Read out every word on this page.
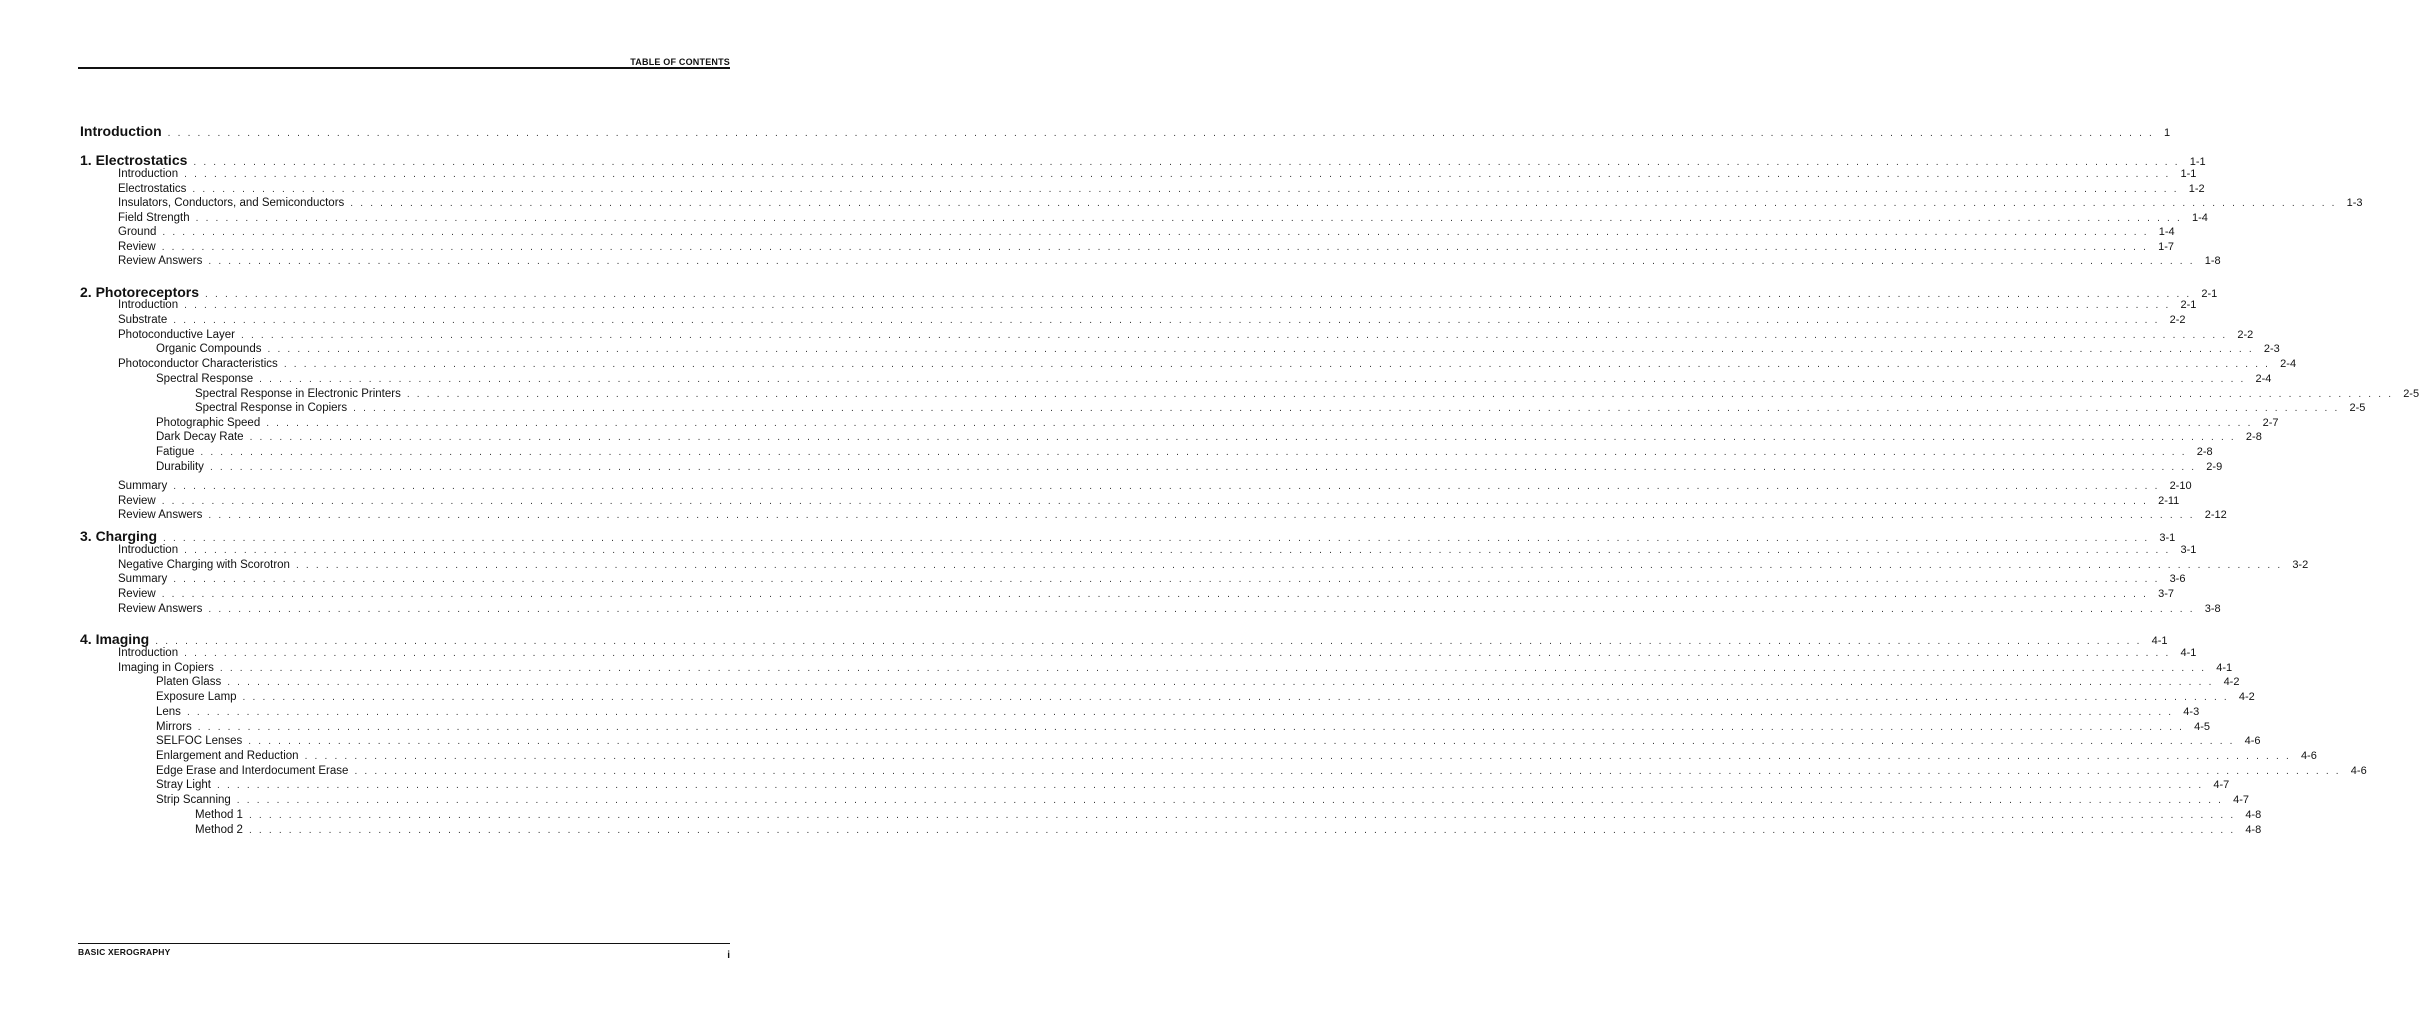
TABLE OF CONTENTS
Introduction . . . . . . . . . . . . . . . . . . . . . . . . . . . . . . . . . . . . . . . . . . . . . . . . . . . . . . . . . . . . . . . . . . . . . . . . . . . . . . . . . . . . . . . . . . . . . . . . . . . . . . . . . . . . . . . . . . . . . . . . . . . . . . . . . . . . . . . . . . . . . . . . . . . . . . . . . . . . . . . . . . . . . . . . . . . . . . . . . . . . . . . . . . . . . . . . . . . . . . . . 1
1. Electrostatics . . . . . . . . . . . . . . . . . . . . . . . . . . . . . . . . . . . . . . . . . . . . . . . . . . . . . . . . . . . . . . . . . . . . . . . . . . . . . . . . . . . . . . . . . . . . . . . . . . . . . . . . . . . . . . . . . . . . . . . . . . . . . . . . . . . . . . . . . . . . . . . . . . . . . . . . . . . . . . . . . . . . . . . . . . . . . . . . . . . . . . . . . . . . . . . . . . . . . . . . 1-1
Introduction . . . . . . . . . . . . . . . . . . . . . . . . . . . . . . . . . . . . . . . . . . . . . . . . . . . . . . . . . . . . . . . . . . . . . . . . . . . . . . . . . . . . . . . . . . . . . . . . . . . . . . . . . . . . . . . . . . . . . . . . . . . . . . . . . . . . . . . . . . . . . . . . . . . . . . . . . . . . . . . . . . . . . . . . . . . . . . . . . . . . . . . . . . . . . . . . . . . . . . . . 1-1
Electrostatics . . . . . . . . . . . . . . . . . . . . . . . . . . . . . . . . . . . . . . . . . . . . . . . . . . . . . . . . . . . . . . . . . . . . . . . . . . . . . . . . . . . . . . . . . . . . . . . . . . . . . . . . . . . . . . . . . . . . . . . . . . . . . . . . . . . . . . . . . . . . . . . . . . . . . . . . . . . . . . . . . . . . . . . . . . . . . . . . . . . . . . . . . . . . . . . . . . . . . . . . 1-2
Insulators, Conductors, and Semiconductors . . . . . . . . . . . . . . . . . . . . . . . . . . . . . . . . . . . . . . . . . . . . . . . . . . . . . . . . . . . . . . . . . . . . . . . . . . . . . . . . . . . . . . . . . . . . . . . . . . . . . . . . . . . . . . . . . . . . . . . . . . . . . . . . . . . . . . . . . . . . . . . . . . . . . . . . . . . . . . . . . . . . . . . . . . . . . . . . . . . . . . . . . . . . . . . . . . . . . . . . 1-3
Field Strength . . . . . . . . . . . . . . . . . . . . . . . . . . . . . . . . . . . . . . . . . . . . . . . . . . . . . . . . . . . . . . . . . . . . . . . . . . . . . . . . . . . . . . . . . . . . . . . . . . . . . . . . . . . . . . . . . . . . . . . . . . . . . . . . . . . . . . . . . . . . . . . . . . . . . . . . . . . . . . . . . . . . . . . . . . . . . . . . . . . . . . . . . . . . . . . . . . . . . . . . 1-4
Ground . . . . . . . . . . . . . . . . . . . . . . . . . . . . . . . . . . . . . . . . . . . . . . . . . . . . . . . . . . . . . . . . . . . . . . . . . . . . . . . . . . . . . . . . . . . . . . . . . . . . . . . . . . . . . . . . . . . . . . . . . . . . . . . . . . . . . . . . . . . . . . . . . . . . . . . . . . . . . . . . . . . . . . . . . . . . . . . . . . . . . . . . . . . . . . . . . . . . . . . . 1-4
Review . . . . . . . . . . . . . . . . . . . . . . . . . . . . . . . . . . . . . . . . . . . . . . . . . . . . . . . . . . . . . . . . . . . . . . . . . . . . . . . . . . . . . . . . . . . . . . . . . . . . . . . . . . . . . . . . . . . . . . . . . . . . . . . . . . . . . . . . . . . . . . . . . . . . . . . . . . . . . . . . . . . . . . . . . . . . . . . . . . . . . . . . . . . . . . . . . . . . . . . . 1-7
Review Answers . . . . . . . . . . . . . . . . . . . . . . . . . . . . . . . . . . . . . . . . . . . . . . . . . . . . . . . . . . . . . . . . . . . . . . . . . . . . . . . . . . . . . . . . . . . . . . . . . . . . . . . . . . . . . . . . . . . . . . . . . . . . . . . . . . . . . . . . . . . . . . . . . . . . . . . . . . . . . . . . . . . . . . . . . . . . . . . . . . . . . . . . . . . . . . . . . . . . . . . . 1-8
2. Photoreceptors . . . . . . . . . . . . . . . . . . . . . . . . . . . . . . . . . . . . . . . . . . . . . . . . . . . . . . . . . . . . . . . . . . . . . . . . . . . . . . . . . . . . . . . . . . . . . . . . . . . . . . . . . . . . . . . . . . . . . . . . . . . . . . . . . . . . . . . . . . . . . . . . . . . . . . . . . . . . . . . . . . . . . . . . . . . . . . . . . . . . . . . . . . . . . . . . . . . . . . . . 2-1
Introduction . . . . . . . . . . . . . . . . . . . . . . . . . . . . . . . . . . . . . . . . . . . . . . . . . . . . . . . . . . . . . . . . . . . . . . . . . . . . . . . . . . . . . . . . . . . . . . . . . . . . . . . . . . . . . . . . . . . . . . . . . . . . . . . . . . . . . . . . . . . . . . . . . . . . . . . . . . . . . . . . . . . . . . . . . . . . . . . . . . . . . . . . . . . . . . . . . . . . . . . . 2-1
Substrate . . . . . . . . . . . . . . . . . . . . . . . . . . . . . . . . . . . . . . . . . . . . . . . . . . . . . . . . . . . . . . . . . . . . . . . . . . . . . . . . . . . . . . . . . . . . . . . . . . . . . . . . . . . . . . . . . . . . . . . . . . . . . . . . . . . . . . . . . . . . . . . . . . . . . . . . . . . . . . . . . . . . . . . . . . . . . . . . . . . . . . . . . . . . . . . . . . . . . . . . 2-2
Photoconductive Layer . . . . . . . . . . . . . . . . . . . . . . . . . . . . . . . . . . . . . . . . . . . . . . . . . . . . . . . . . . . . . . . . . . . . . . . . . . . . . . . . . . . . . . . . . . . . . . . . . . . . . . . . . . . . . . . . . . . . . . . . . . . . . . . . . . . . . . . . . . . . . . . . . . . . . . . . . . . . . . . . . . . . . . . . . . . . . . . . . . . . . . . . . . . . . . . . . . . . . . . . 2-2
Organic Compounds . . . . . . . . . . . . . . . . . . . . . . . . . . . . . . . . . . . . . . . . . . . . . . . . . . . . . . . . . . . . . . . . . . . . . . . . . . . . . . . . . . . . . . . . . . . . . . . . . . . . . . . . . . . . . . . . . . . . . . . . . . . . . . . . . . . . . . . . . . . . . . . . . . . . . . . . . . . . . . . . . . . . . . . . . . . . . . . . . . . . . . . . . . . . . . . . . . . . . . . . 2-3
Photoconductor Characteristics . . . . . . . . . . . . . . . . . . . . . . . . . . . . . . . . . . . . . . . . . . . . . . . . . . . . . . . . . . . . . . . . . . . . . . . . . . . . . . . . . . . . . . . . . . . . . . . . . . . . . . . . . . . . . . . . . . . . . . . . . . . . . . . . . . . . . . . . . . . . . . . . . . . . . . . . . . . . . . . . . . . . . . . . . . . . . . . . . . . . . . . . . . . . . . . . . . . . . . . . 2-4
Spectral Response . . . . . . . . . . . . . . . . . . . . . . . . . . . . . . . . . . . . . . . . . . . . . . . . . . . . . . . . . . . . . . . . . . . . . . . . . . . . . . . . . . . . . . . . . . . . . . . . . . . . . . . . . . . . . . . . . . . . . . . . . . . . . . . . . . . . . . . . . . . . . . . . . . . . . . . . . . . . . . . . . . . . . . . . . . . . . . . . . . . . . . . . . . . . . . . . . . . . . . . . 2-4
Spectral Response in Electronic Printers . . . . . . . . . . . . . . . . . . . . . . . . . . . . . . . . . . . . . . . . . . . . . . . . . . . . . . . . . . . . . . . . . . . . . . . . . . . . . . . . . . . . . . . . . . . . . . . . . . . . . . . . . . . . . . . . . . . . . . . . . . . . . . . . . . . . . . . . . . . . . . . . . . . . . . . . . . . . . . . . . . . . . . . . . . . . . . . . . . . . . . . . . . . . . . . . . . . . . . . . 2-5
Spectral Response in Copiers . . . . . . . . . . . . . . . . . . . . . . . . . . . . . . . . . . . . . . . . . . . . . . . . . . . . . . . . . . . . . . . . . . . . . . . . . . . . . . . . . . . . . . . . . . . . . . . . . . . . . . . . . . . . . . . . . . . . . . . . . . . . . . . . . . . . . . . . . . . . . . . . . . . . . . . . . . . . . . . . . . . . . . . . . . . . . . . . . . . . . . . . . . . . . . . . . . . . . . . . 2-5
Photographic Speed . . . . . . . . . . . . . . . . . . . . . . . . . . . . . . . . . . . . . . . . . . . . . . . . . . . . . . . . . . . . . . . . . . . . . . . . . . . . . . . . . . . . . . . . . . . . . . . . . . . . . . . . . . . . . . . . . . . . . . . . . . . . . . . . . . . . . . . . . . . . . . . . . . . . . . . . . . . . . . . . . . . . . . . . . . . . . . . . . . . . . . . . . . . . . . . . . . . . . . . . 2-7
Dark Decay Rate . . . . . . . . . . . . . . . . . . . . . . . . . . . . . . . . . . . . . . . . . . . . . . . . . . . . . . . . . . . . . . . . . . . . . . . . . . . . . . . . . . . . . . . . . . . . . . . . . . . . . . . . . . . . . . . . . . . . . . . . . . . . . . . . . . . . . . . . . . . . . . . . . . . . . . . . . . . . . . . . . . . . . . . . . . . . . . . . . . . . . . . . . . . . . . . . . . . . . . . . 2-8
Fatigue . . . . . . . . . . . . . . . . . . . . . . . . . . . . . . . . . . . . . . . . . . . . . . . . . . . . . . . . . . . . . . . . . . . . . . . . . . . . . . . . . . . . . . . . . . . . . . . . . . . . . . . . . . . . . . . . . . . . . . . . . . . . . . . . . . . . . . . . . . . . . . . . . . . . . . . . . . . . . . . . . . . . . . . . . . . . . . . . . . . . . . . . . . . . . . . . . . . . . . . . 2-8
Durability . . . . . . . . . . . . . . . . . . . . . . . . . . . . . . . . . . . . . . . . . . . . . . . . . . . . . . . . . . . . . . . . . . . . . . . . . . . . . . . . . . . . . . . . . . . . . . . . . . . . . . . . . . . . . . . . . . . . . . . . . . . . . . . . . . . . . . . . . . . . . . . . . . . . . . . . . . . . . . . . . . . . . . . . . . . . . . . . . . . . . . . . . . . . . . . . . . . . . . . . 2-9
Summary . . . . . . . . . . . . . . . . . . . . . . . . . . . . . . . . . . . . . . . . . . . . . . . . . . . . . . . . . . . . . . . . . . . . . . . . . . . . . . . . . . . . . . . . . . . . . . . . . . . . . . . . . . . . . . . . . . . . . . . . . . . . . . . . . . . . . . . . . . . . . . . . . . . . . . . . . . . . . . . . . . . . . . . . . . . . . . . . . . . . . . . . . . . . . . . . . . . . . . . . 2-10
Review . . . . . . . . . . . . . . . . . . . . . . . . . . . . . . . . . . . . . . . . . . . . . . . . . . . . . . . . . . . . . . . . . . . . . . . . . . . . . . . . . . . . . . . . . . . . . . . . . . . . . . . . . . . . . . . . . . . . . . . . . . . . . . . . . . . . . . . . . . . . . . . . . . . . . . . . . . . . . . . . . . . . . . . . . . . . . . . . . . . . . . . . . . . . . . . . . . . . . . . . 2-11
Review Answers . . . . . . . . . . . . . . . . . . . . . . . . . . . . . . . . . . . . . . . . . . . . . . . . . . . . . . . . . . . . . . . . . . . . . . . . . . . . . . . . . . . . . . . . . . . . . . . . . . . . . . . . . . . . . . . . . . . . . . . . . . . . . . . . . . . . . . . . . . . . . . . . . . . . . . . . . . . . . . . . . . . . . . . . . . . . . . . . . . . . . . . . . . . . . . . . . . . . . . . . 2-12
3. Charging . . . . . . . . . . . . . . . . . . . . . . . . . . . . . . . . . . . . . . . . . . . . . . . . . . . . . . . . . . . . . . . . . . . . . . . . . . . . . . . . . . . . . . . . . . . . . . . . . . . . . . . . . . . . . . . . . . . . . . . . . . . . . . . . . . . . . . . . . . . . . . . . . . . . . . . . . . . . . . . . . . . . . . . . . . . . . . . . . . . . . . . . . . . . . . . . . . . . . . . . 3-1
Introduction . . . . . . . . . . . . . . . . . . . . . . . . . . . . . . . . . . . . . . . . . . . . . . . . . . . . . . . . . . . . . . . . . . . . . . . . . . . . . . . . . . . . . . . . . . . . . . . . . . . . . . . . . . . . . . . . . . . . . . . . . . . . . . . . . . . . . . . . . . . . . . . . . . . . . . . . . . . . . . . . . . . . . . . . . . . . . . . . . . . . . . . . . . . . . . . . . . . . . . . . 3-1
Negative Charging with Scorotron . . . . . . . . . . . . . . . . . . . . . . . . . . . . . . . . . . . . . . . . . . . . . . . . . . . . . . . . . . . . . . . . . . . . . . . . . . . . . . . . . . . . . . . . . . . . . . . . . . . . . . . . . . . . . . . . . . . . . . . . . . . . . . . . . . . . . . . . . . . . . . . . . . . . . . . . . . . . . . . . . . . . . . . . . . . . . . . . . . . . . . . . . . . . . . . . . . . . . . . . 3-2
Summary . . . . . . . . . . . . . . . . . . . . . . . . . . . . . . . . . . . . . . . . . . . . . . . . . . . . . . . . . . . . . . . . . . . . . . . . . . . . . . . . . . . . . . . . . . . . . . . . . . . . . . . . . . . . . . . . . . . . . . . . . . . . . . . . . . . . . . . . . . . . . . . . . . . . . . . . . . . . . . . . . . . . . . . . . . . . . . . . . . . . . . . . . . . . . . . . . . . . . . . . 3-6
Review . . . . . . . . . . . . . . . . . . . . . . . . . . . . . . . . . . . . . . . . . . . . . . . . . . . . . . . . . . . . . . . . . . . . . . . . . . . . . . . . . . . . . . . . . . . . . . . . . . . . . . . . . . . . . . . . . . . . . . . . . . . . . . . . . . . . . . . . . . . . . . . . . . . . . . . . . . . . . . . . . . . . . . . . . . . . . . . . . . . . . . . . . . . . . . . . . . . . . . . . 3-7
Review Answers . . . . . . . . . . . . . . . . . . . . . . . . . . . . . . . . . . . . . . . . . . . . . . . . . . . . . . . . . . . . . . . . . . . . . . . . . . . . . . . . . . . . . . . . . . . . . . . . . . . . . . . . . . . . . . . . . . . . . . . . . . . . . . . . . . . . . . . . . . . . . . . . . . . . . . . . . . . . . . . . . . . . . . . . . . . . . . . . . . . . . . . . . . . . . . . . . . . . . . . . 3-8
4. Imaging . . . . . . . . . . . . . . . . . . . . . . . . . . . . . . . . . . . . . . . . . . . . . . . . . . . . . . . . . . . . . . . . . . . . . . . . . . . . . . . . . . . . . . . . . . . . . . . . . . . . . . . . . . . . . . . . . . . . . . . . . . . . . . . . . . . . . . . . . . . . . . . . . . . . . . . . . . . . . . . . . . . . . . . . . . . . . . . . . . . . . . . . . . . . . . . . . . . . . . . . 4-1
Introduction . . . . . . . . . . . . . . . . . . . . . . . . . . . . . . . . . . . . . . . . . . . . . . . . . . . . . . . . . . . . . . . . . . . . . . . . . . . . . . . . . . . . . . . . . . . . . . . . . . . . . . . . . . . . . . . . . . . . . . . . . . . . . . . . . . . . . . . . . . . . . . . . . . . . . . . . . . . . . . . . . . . . . . . . . . . . . . . . . . . . . . . . . . . . . . . . . . . . . . . . 4-1
Imaging in Copiers . . . . . . . . . . . . . . . . . . . . . . . . . . . . . . . . . . . . . . . . . . . . . . . . . . . . . . . . . . . . . . . . . . . . . . . . . . . . . . . . . . . . . . . . . . . . . . . . . . . . . . . . . . . . . . . . . . . . . . . . . . . . . . . . . . . . . . . . . . . . . . . . . . . . . . . . . . . . . . . . . . . . . . . . . . . . . . . . . . . . . . . . . . . . . . . . . . . . . . . . 4-1
Platen Glass . . . . . . . . . . . . . . . . . . . . . . . . . . . . . . . . . . . . . . . . . . . . . . . . . . . . . . . . . . . . . . . . . . . . . . . . . . . . . . . . . . . . . . . . . . . . . . . . . . . . . . . . . . . . . . . . . . . . . . . . . . . . . . . . . . . . . . . . . . . . . . . . . . . . . . . . . . . . . . . . . . . . . . . . . . . . . . . . . . . . . . . . . . . . . . . . . . . . . . . . 4-2
Exposure Lamp . . . . . . . . . . . . . . . . . . . . . . . . . . . . . . . . . . . . . . . . . . . . . . . . . . . . . . . . . . . . . . . . . . . . . . . . . . . . . . . . . . . . . . . . . . . . . . . . . . . . . . . . . . . . . . . . . . . . . . . . . . . . . . . . . . . . . . . . . . . . . . . . . . . . . . . . . . . . . . . . . . . . . . . . . . . . . . . . . . . . . . . . . . . . . . . . . . . . . . . . 4-2
Lens . . . . . . . . . . . . . . . . . . . . . . . . . . . . . . . . . . . . . . . . . . . . . . . . . . . . . . . . . . . . . . . . . . . . . . . . . . . . . . . . . . . . . . . . . . . . . . . . . . . . . . . . . . . . . . . . . . . . . . . . . . . . . . . . . . . . . . . . . . . . . . . . . . . . . . . . . . . . . . . . . . . . . . . . . . . . . . . . . . . . . . . . . . . . . . . . . . . . . . . . 4-3
Mirrors . . . . . . . . . . . . . . . . . . . . . . . . . . . . . . . . . . . . . . . . . . . . . . . . . . . . . . . . . . . . . . . . . . . . . . . . . . . . . . . . . . . . . . . . . . . . . . . . . . . . . . . . . . . . . . . . . . . . . . . . . . . . . . . . . . . . . . . . . . . . . . . . . . . . . . . . . . . . . . . . . . . . . . . . . . . . . . . . . . . . . . . . . . . . . . . . . . . . . . . . 4-5
SELFOC Lenses . . . . . . . . . . . . . . . . . . . . . . . . . . . . . . . . . . . . . . . . . . . . . . . . . . . . . . . . . . . . . . . . . . . . . . . . . . . . . . . . . . . . . . . . . . . . . . . . . . . . . . . . . . . . . . . . . . . . . . . . . . . . . . . . . . . . . . . . . . . . . . . . . . . . . . . . . . . . . . . . . . . . . . . . . . . . . . . . . . . . . . . . . . . . . . . . . . . . . . . . 4-6
Enlargement and Reduction . . . . . . . . . . . . . . . . . . . . . . . . . . . . . . . . . . . . . . . . . . . . . . . . . . . . . . . . . . . . . . . . . . . . . . . . . . . . . . . . . . . . . . . . . . . . . . . . . . . . . . . . . . . . . . . . . . . . . . . . . . . . . . . . . . . . . . . . . . . . . . . . . . . . . . . . . . . . . . . . . . . . . . . . . . . . . . . . . . . . . . . . . . . . . . . . . . . . . . . . 4-6
Edge Erase and Interdocument Erase . . . . . . . . . . . . . . . . . . . . . . . . . . . . . . . . . . . . . . . . . . . . . . . . . . . . . . . . . . . . . . . . . . . . . . . . . . . . . . . . . . . . . . . . . . . . . . . . . . . . . . . . . . . . . . . . . . . . . . . . . . . . . . . . . . . . . . . . . . . . . . . . . . . . . . . . . . . . . . . . . . . . . . . . . . . . . . . . . . . . . . . . . . . . . . . . . . . . . . . . 4-6
Stray Light . . . . . . . . . . . . . . . . . . . . . . . . . . . . . . . . . . . . . . . . . . . . . . . . . . . . . . . . . . . . . . . . . . . . . . . . . . . . . . . . . . . . . . . . . . . . . . . . . . . . . . . . . . . . . . . . . . . . . . . . . . . . . . . . . . . . . . . . . . . . . . . . . . . . . . . . . . . . . . . . . . . . . . . . . . . . . . . . . . . . . . . . . . . . . . . . . . . . . . . . 4-7
Strip Scanning . . . . . . . . . . . . . . . . . . . . . . . . . . . . . . . . . . . . . . . . . . . . . . . . . . . . . . . . . . . . . . . . . . . . . . . . . . . . . . . . . . . . . . . . . . . . . . . . . . . . . . . . . . . . . . . . . . . . . . . . . . . . . . . . . . . . . . . . . . . . . . . . . . . . . . . . . . . . . . . . . . . . . . . . . . . . . . . . . . . . . . . . . . . . . . . . . . . . . . . . 4-7
Method 1 . . . . . . . . . . . . . . . . . . . . . . . . . . . . . . . . . . . . . . . . . . . . . . . . . . . . . . . . . . . . . . . . . . . . . . . . . . . . . . . . . . . . . . . . . . . . . . . . . . . . . . . . . . . . . . . . . . . . . . . . . . . . . . . . . . . . . . . . . . . . . . . . . . . . . . . . . . . . . . . . . . . . . . . . . . . . . . . . . . . . . . . . . . . . . . . . . . . . . . . . 4-8
Method 2 . . . . . . . . . . . . . . . . . . . . . . . . . . . . . . . . . . . . . . . . . . . . . . . . . . . . . . . . . . . . . . . . . . . . . . . . . . . . . . . . . . . . . . . . . . . . . . . . . . . . . . . . . . . . . . . . . . . . . . . . . . . . . . . . . . . . . . . . . . . . . . . . . . . . . . . . . . . . . . . . . . . . . . . . . . . . . . . . . . . . . . . . . . . . . . . . . . . . . . . . 4-8
BASIC XEROGRAPHY	i
